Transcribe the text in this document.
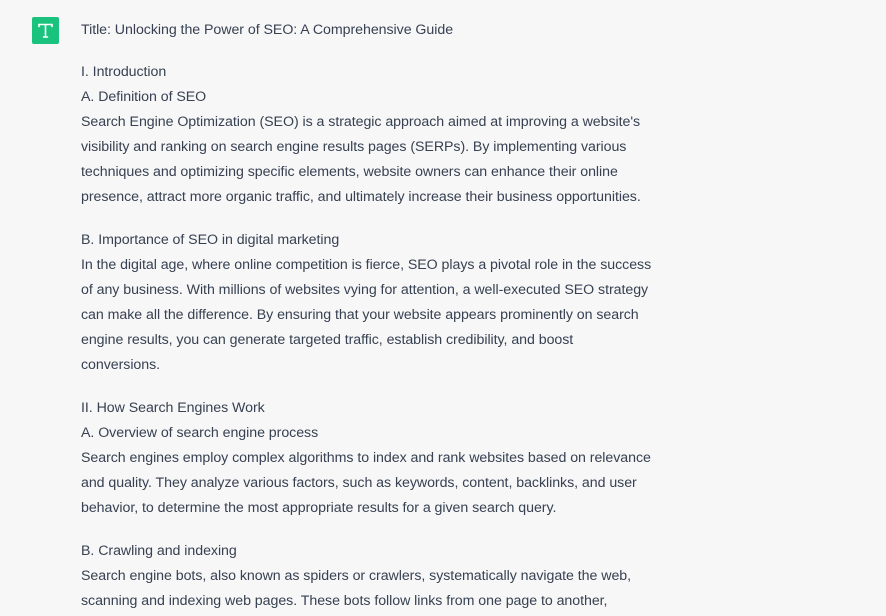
Title: Unlocking the Power of SEO: A Comprehensive Guide

I. Introduction
A. Definition of SEO
Search Engine Optimization (SEO) is a strategic approach aimed at improving a website's
visibility and ranking on search engine results pages (SERPs). By implementing various
techniques and optimizing specific elements, website owners can enhance their online
presence, attract more organic traffic, and ultimately increase their business opportunities.

B. Importance of SEO in digital marketing
In the digital age, where online competition is fierce, SEO plays a pivotal role in the success
of any business. With millions of websites vying for attention, a well-executed SEO strategy
can make all the difference. By ensuring that your website appears prominently on search
engine results, you can generate targeted traffic, establish credibility, and boost
conversions.

II. How Search Engines Work
A. Overview of search engine process
Search engines employ complex algorithms to index and rank websites based on relevance
and quality. They analyze various factors, such as keywords, content, backlinks, and user
behavior, to determine the most appropriate results for a given search query.

B. Crawling and indexing
Search engine bots, also known as spiders or crawlers, systematically navigate the web,
scanning and indexing web pages. These bots follow links from one page to another,
